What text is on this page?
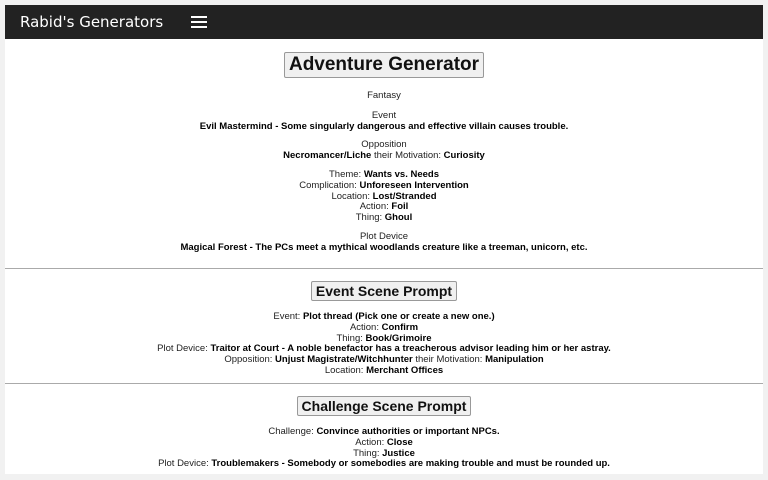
Rabid's Generators
Adventure Generator

Fantasy

Event

Evil Mastermind - Some singularly dangerous and effective villain causes trouble.

Opposition

Necromancer/Liche their Motivation: Curiosity

Theme: Wants vs. Needs

Complication: Unforeseen Intervention

Location: Lost/Stranded

Action: Foil

Thing: Ghoul

Plot Device

Magical Forest - The PCs meet a mythical woodlands creature like a treeman, unicorn, etc.

Event Scene Prompt

Event: Plot thread (Pick one or create a new one.)

Action: Confirm

Thing: Book/Grimoire

Plot Device: Traitor at Court - A noble benefactor has a treacherous advisor leading him or her astray.

Opposition: Unjust Magistrate/Witchhunter their Motivation: Manipulation

Location: Merchant Offices

Challenge Scene Prompt

Challenge: Convince authorities or important NPCs.

Action: Close

Thing: Justice

Plot Device: Troublemakers - Somebody or somebodies are making trouble and must be rounded up.
